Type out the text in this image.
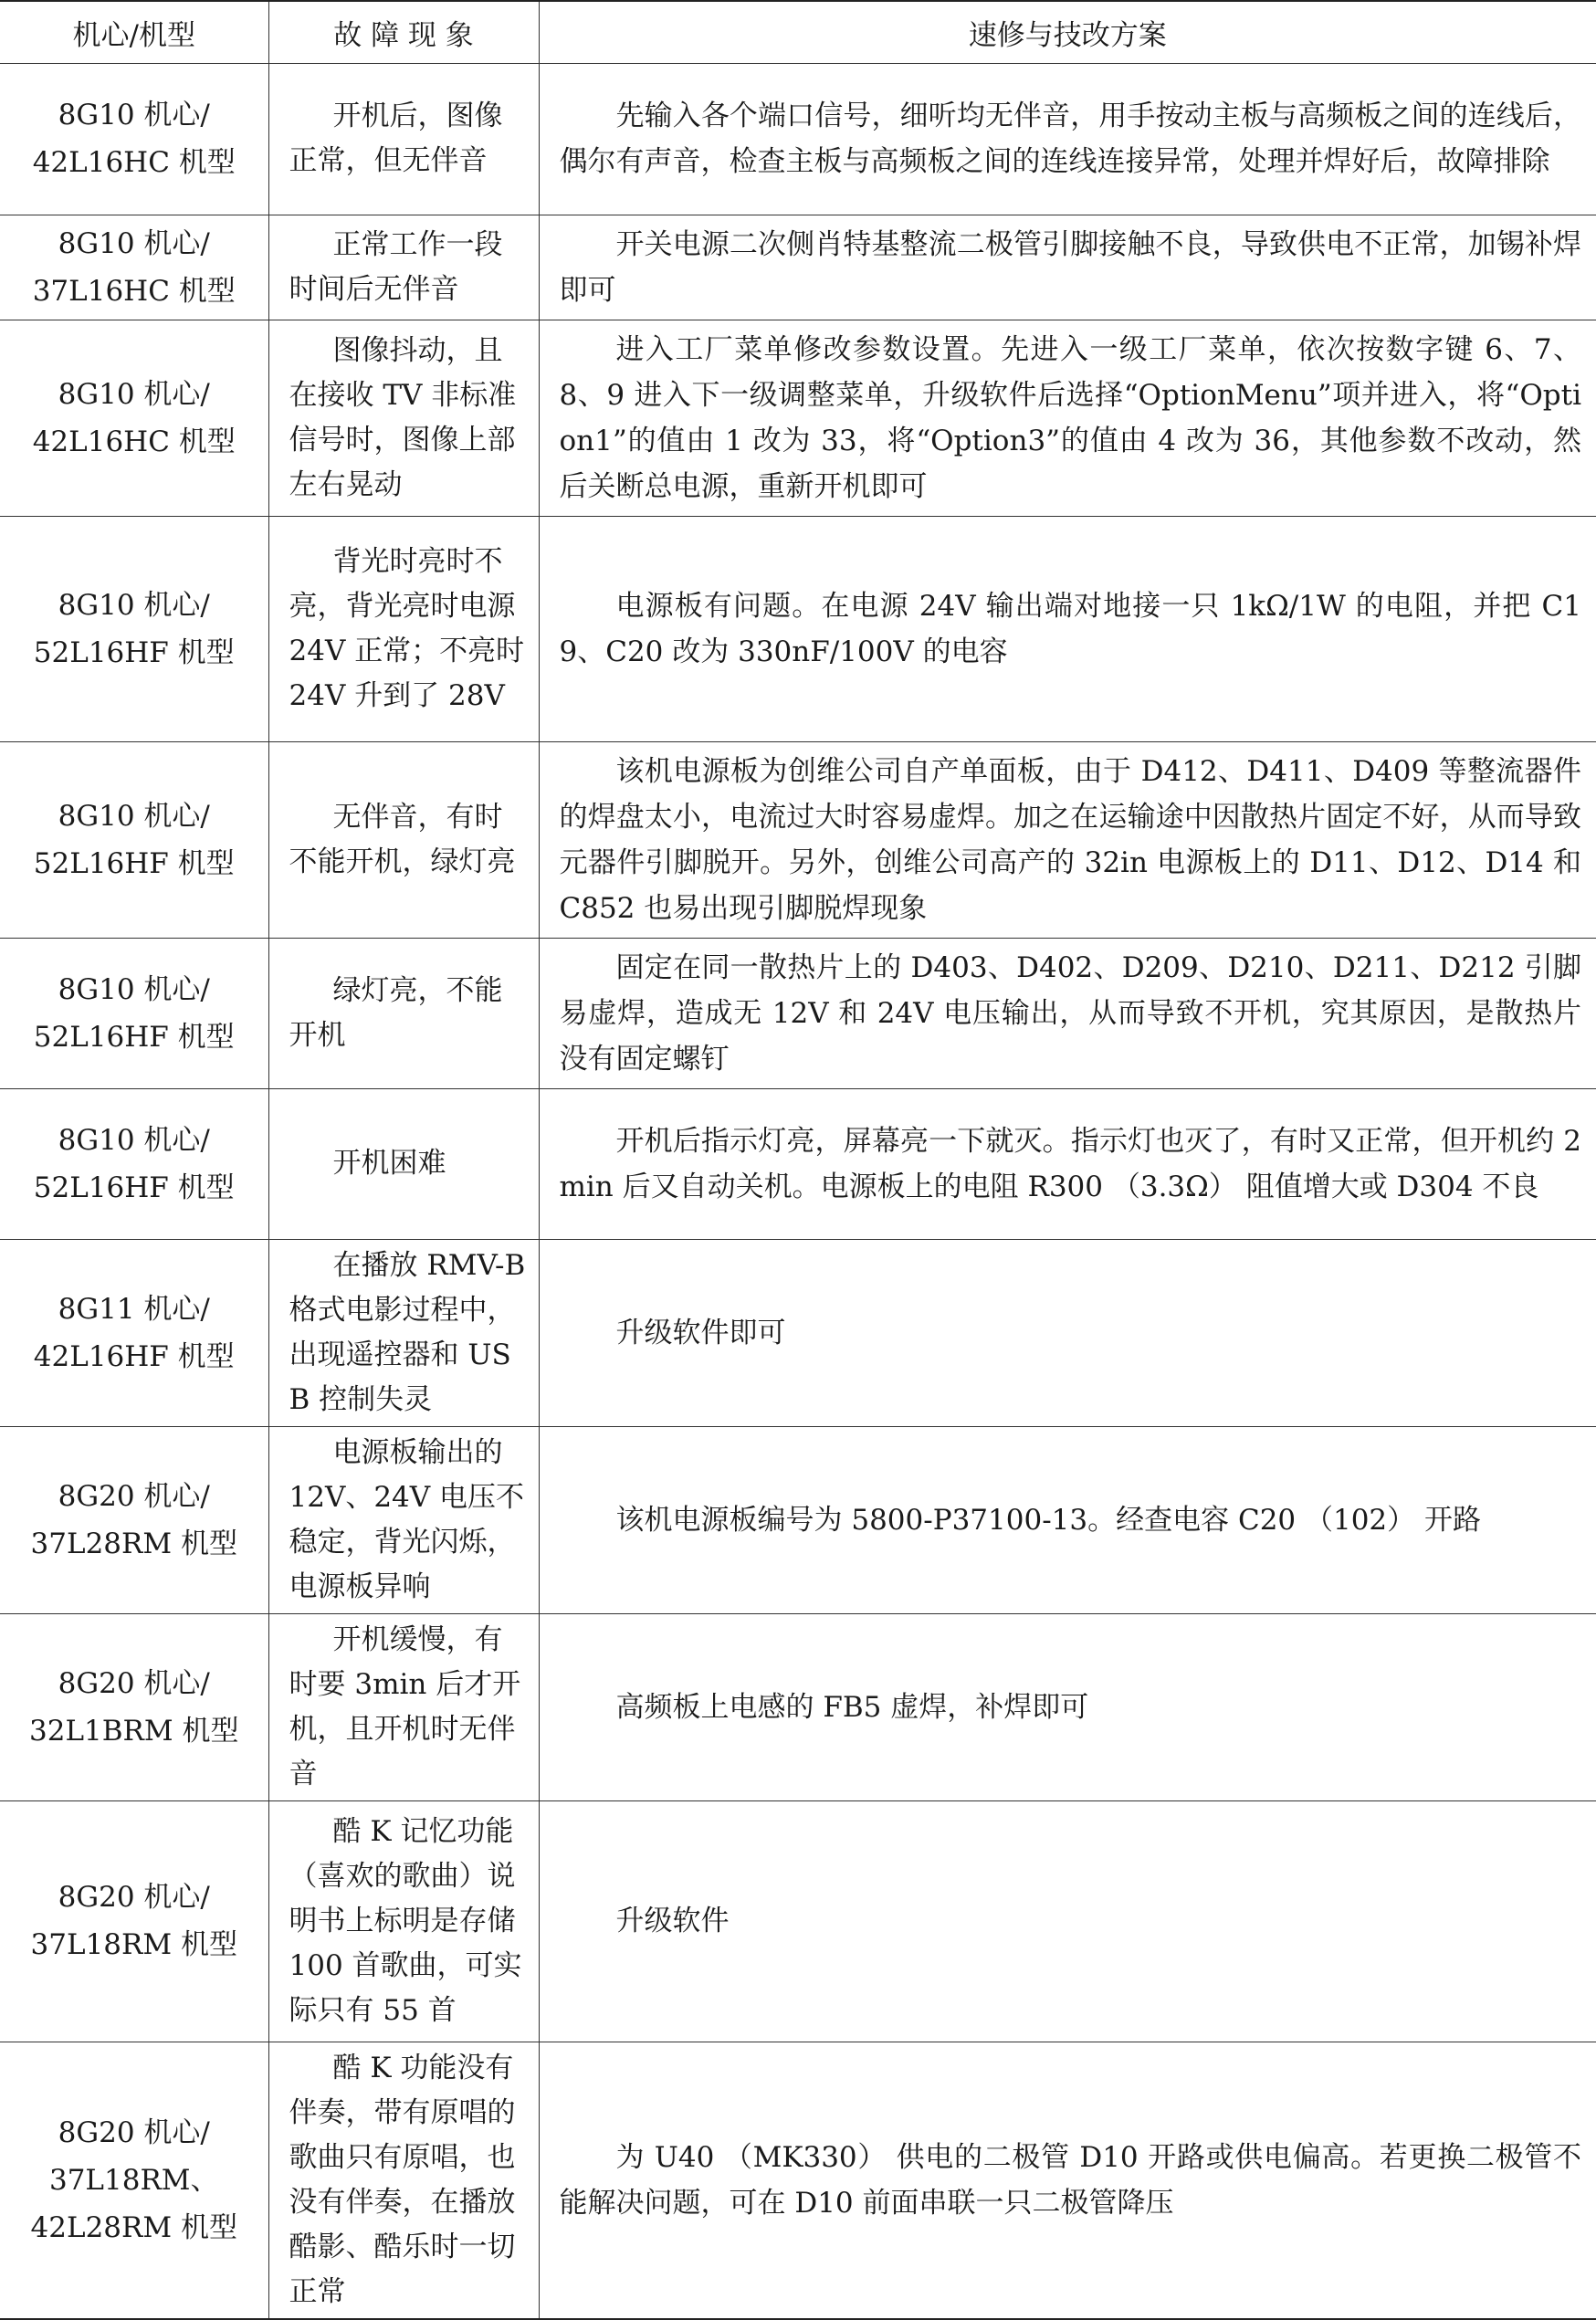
机心/机型	故 障 现 象	速修与技改方案

8G10 机心/
42L16HC 机型	开机后，图像正常，但无伴音	先输入各个端口信号，细听均无伴音，用手按动主板与高频板之间的连线后，偶尔有声音，检查主板与高频板之间的连线连接异常，处理并焊好后，故障排除

8G10 机心/
37L16HC 机型	正常工作一段时间后无伴音	开关电源二次侧肖特基整流二极管引脚接触不良，导致供电不正常，加锡补焊即可

8G10 机心/
42L16HC 机型	图像抖动，且在接收 TV 非标准信号时，图像上部左右晃动	进入工厂菜单修改参数设置。先进入一级工厂菜单，依次按数字键 6、7、8、9 进入下一级调整菜单，升级软件后选择“OptionMenu”项并进入，将“Option1”的值由 1 改为 33，将“Option3”的值由 4 改为 36，其他参数不改动，然后关断总电源，重新开机即可

8G10 机心/
52L16HF 机型	背光时亮时不亮，背光亮时电源 24V 正常；不亮时 24V 升到了 28V	电源板有问题。在电源 24V 输出端对地接一只 1kΩ/1W 的电阻，并把 C19、C20 改为 330nF/100V 的电容

8G10 机心/
52L16HF 机型	无伴音，有时不能开机，绿灯亮	该机电源板为创维公司自产单面板，由于 D412、D411、D409 等整流器件的焊盘太小，电流过大时容易虚焊。加之在运输途中因散热片固定不好，从而导致元器件引脚脱开。另外，创维公司高产的 32in 电源板上的 D11、D12、D14 和 C852 也易出现引脚脱焊现象

8G10 机心/
52L16HF 机型	绿灯亮，不能开机	固定在同一散热片上的 D403、D402、D209、D210、D211、D212 引脚易虚焊，造成无 12V 和 24V 电压输出，从而导致不开机，究其原因，是散热片没有固定螺钉

8G10 机心/
52L16HF 机型	开机困难	开机后指示灯亮，屏幕亮一下就灭。指示灯也灭了，有时又正常，但开机约 2min 后又自动关机。电源板上的电阻 R300 （3.3Ω） 阻值增大或 D304 不良

8G11 机心/
42L16HF 机型	在播放 RMV-B 格式电影过程中，出现遥控器和 USB 控制失灵	升级软件即可

8G20 机心/
37L28RM 机型	电源板输出的 12V、24V 电压不稳定，背光闪烁，电源板异响	该机电源板编号为 5800-P37100-13。经查电容 C20 （102） 开路

8G20 机心/
32L1BRM 机型	开机缓慢，有时要 3min 后才开机，且开机时无伴音	高频板上电感的 FB5 虚焊，补焊即可

8G20 机心/
37L18RM 机型	酷 K 记忆功能（喜欢的歌曲）说明书上标明是存储 100 首歌曲，可实际只有 55 首	升级软件

8G20 机心/
37L18RM、
42L28RM 机型	酷 K 功能没有伴奏，带有原唱的歌曲只有原唱，也没有伴奏，在播放酷影、酷乐时一切正常	为 U40 （MK330） 供电的二极管 D10 开路或供电偏高。若更换二极管不能解决问题，可在 D10 前面串联一只二极管降压
